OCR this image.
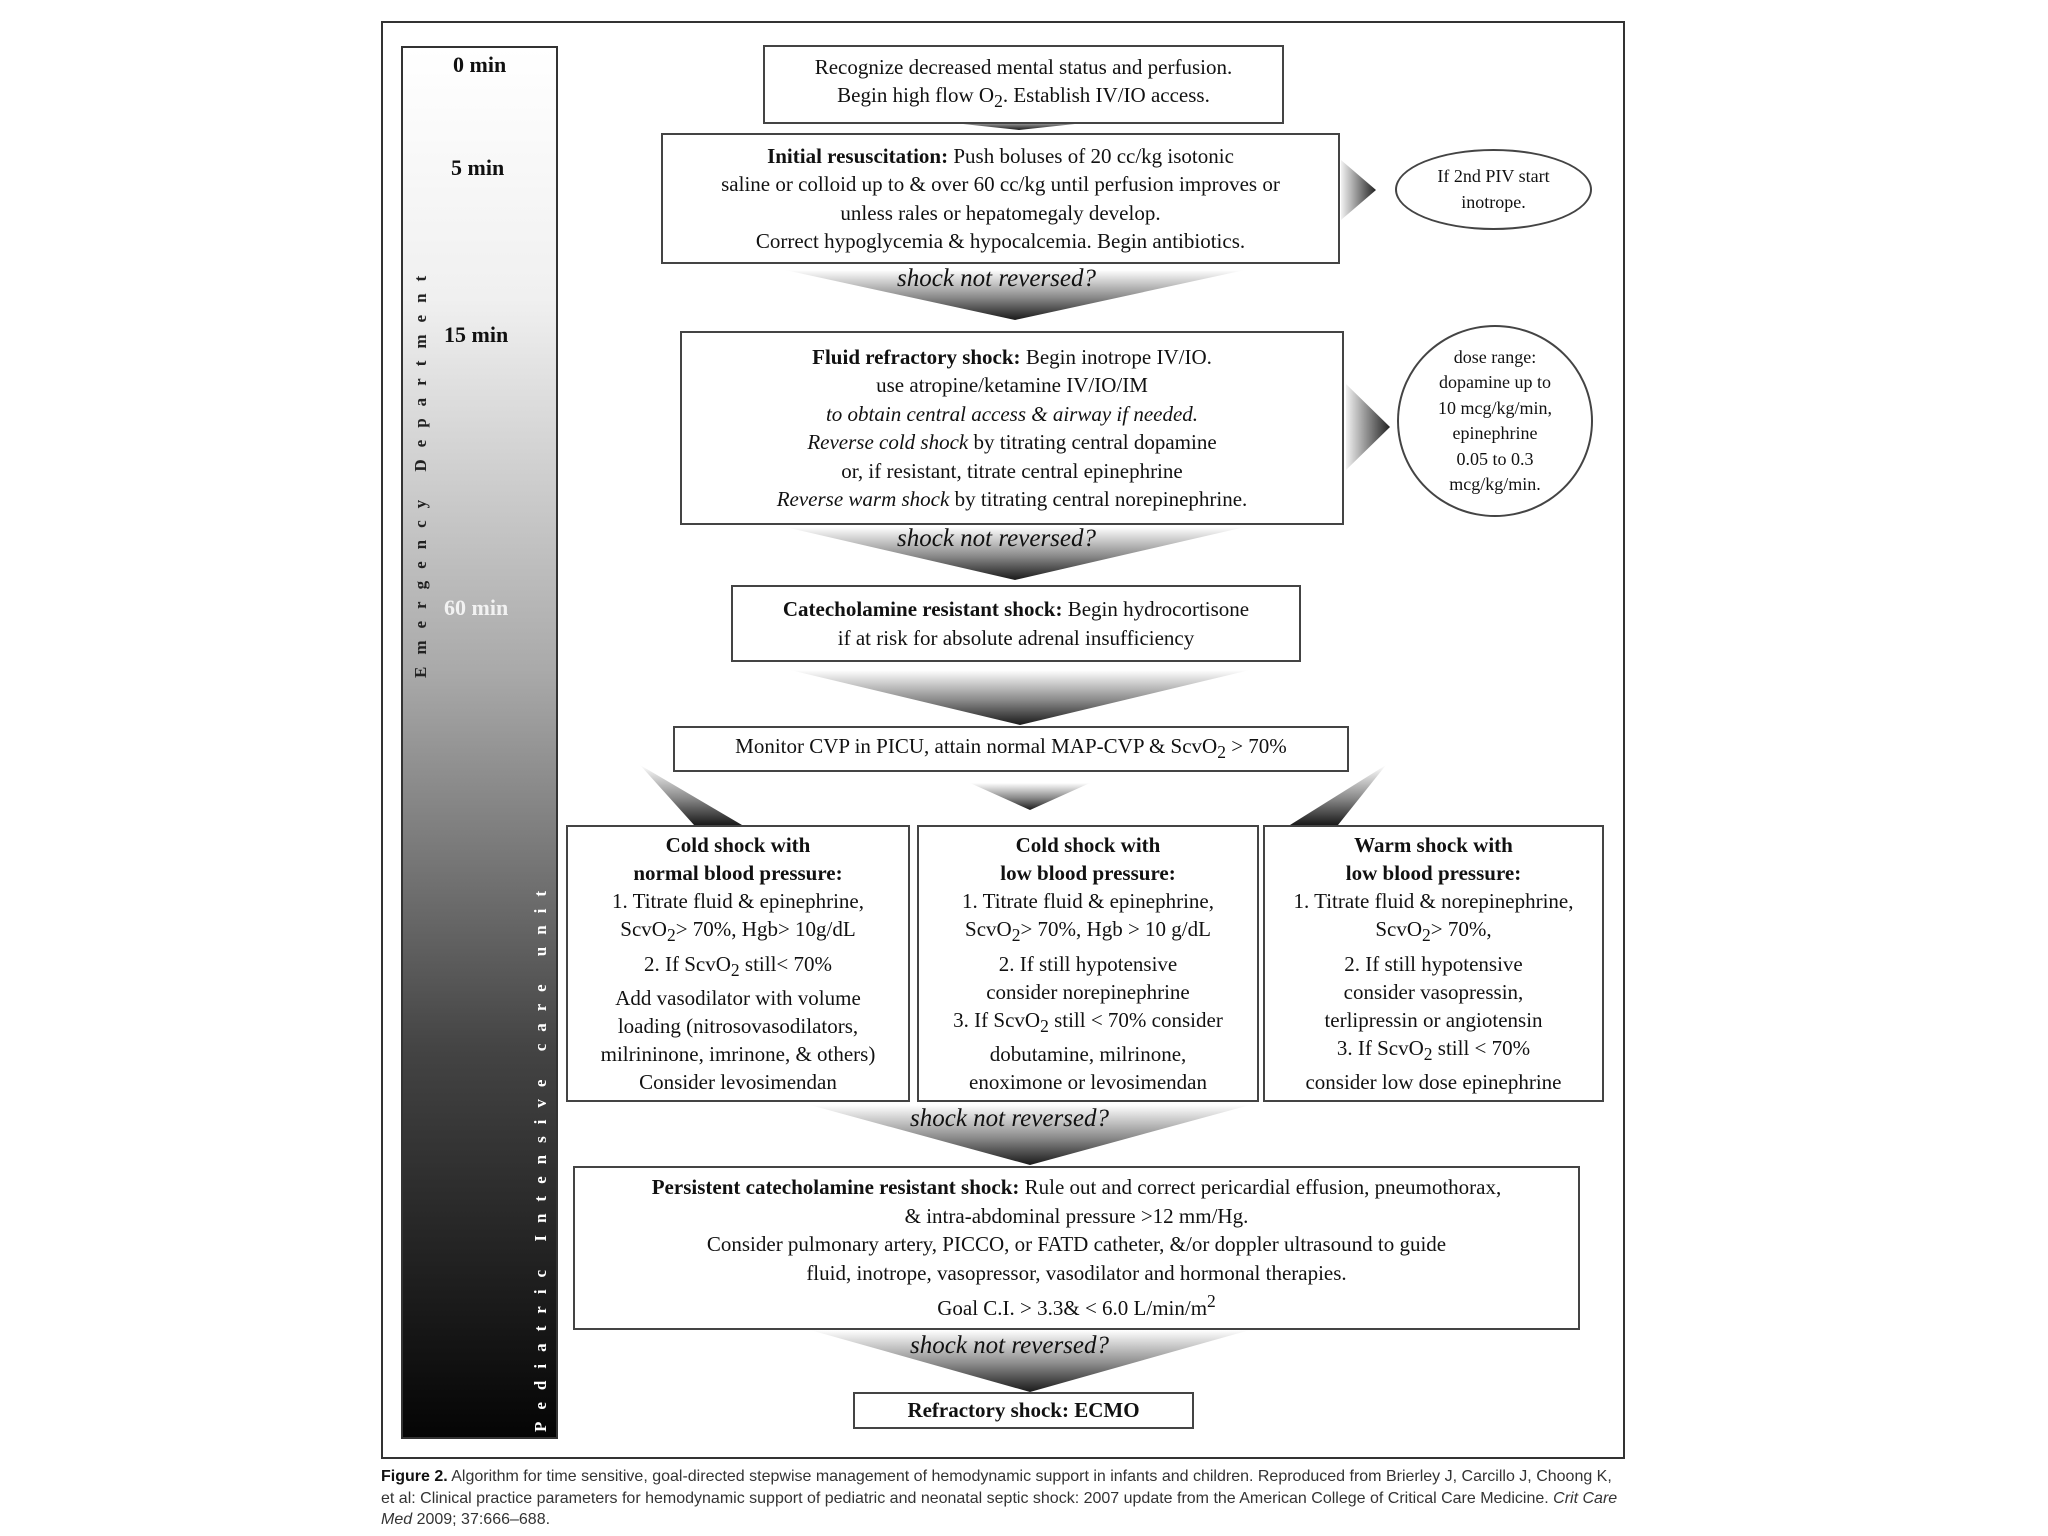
0 min
5 min
15 min
60 min
Emergency Department
Pediatric Intensive care unit
Recognize decreased mental status and perfusion.
Begin high flow $O_2$. Establish IV/IO access.
Initial resuscitation: Push boluses of 20 cc/kg isotonic
saline or colloid up to & over 60 cc/kg until perfusion improves or
unless rales or hepatomegaly develop.
Correct hypoglycemia & hypocalcemia. Begin antibiotics.
If 2nd PIV start
inotrope.
shock not reversed?
Fluid refractory shock: Begin inotrope IV/IO.
use atropine/ketamine IV/IO/IM
to obtain central access & airway if needed.
Reverse cold shock by titrating central dopamine
or, if resistant, titrate central epinephrine
Reverse warm shock by titrating central norepinephrine.
dose range:
dopamine up to
10 mcg/kg/min,
epinephrine
0.05 to 0.3
mcg/kg/min.
shock not reversed?
Catecholamine resistant shock: Begin hydrocortisone
if at risk for absolute adrenal insufficiency
Monitor CVP in PICU, attain normal MAP-CVP & ScvO$_2$ > 70%
Cold shock with
normal blood pressure:
1. Titrate fluid & epinephrine,
ScvO$_2$> 70%, Hgb> 10g/dL
2. If ScvO$_2$ still< 70%
Add vasodilator with volume
loading (nitrosovasodilators,
milrininone, imrinone, & others)
Consider levosimendan
Cold shock with
low blood pressure:
1. Titrate fluid & epinephrine,
ScvO$_2$> 70%, Hgb > 10 g/dL
2. If still hypotensive
consider norepinephrine
3. If ScvO$_2$ still < 70% consider
dobutamine, milrinone,
enoximone or levosimendan
Warm shock with
low blood pressure:
1. Titrate fluid & norepinephrine,
ScvO$_2$> 70%,
2. If still hypotensive
consider vasopressin,
terlipressin or angiotensin
3. If ScvO$_2$ still < 70%
consider low dose epinephrine
shock not reversed?
Persistent catecholamine resistant shock: Rule out and correct pericardial effusion, pneumothorax,
& intra-abdominal pressure >12 mm/Hg.
Consider pulmonary artery, PICCO, or FATD catheter, &/or doppler ultrasound to guide
fluid, inotrope, vasopressor, vasodilator and hormonal therapies.
Goal C.I. > 3.3& < 6.0 $L/\min/m^2$
shock not reversed?
Refractory shock: ECMO
Figure 2. Algorithm for time sensitive, goal-directed stepwise management of hemodynamic support in infants and children. Reproduced from Brierley J, Carcillo J, Choong K, et al: Clinical practice parameters for hemodynamic support of pediatric and neonatal septic shock: 2007 update from the American College of Critical Care Medicine. Crit Care Med 2009; 37:666–688.
